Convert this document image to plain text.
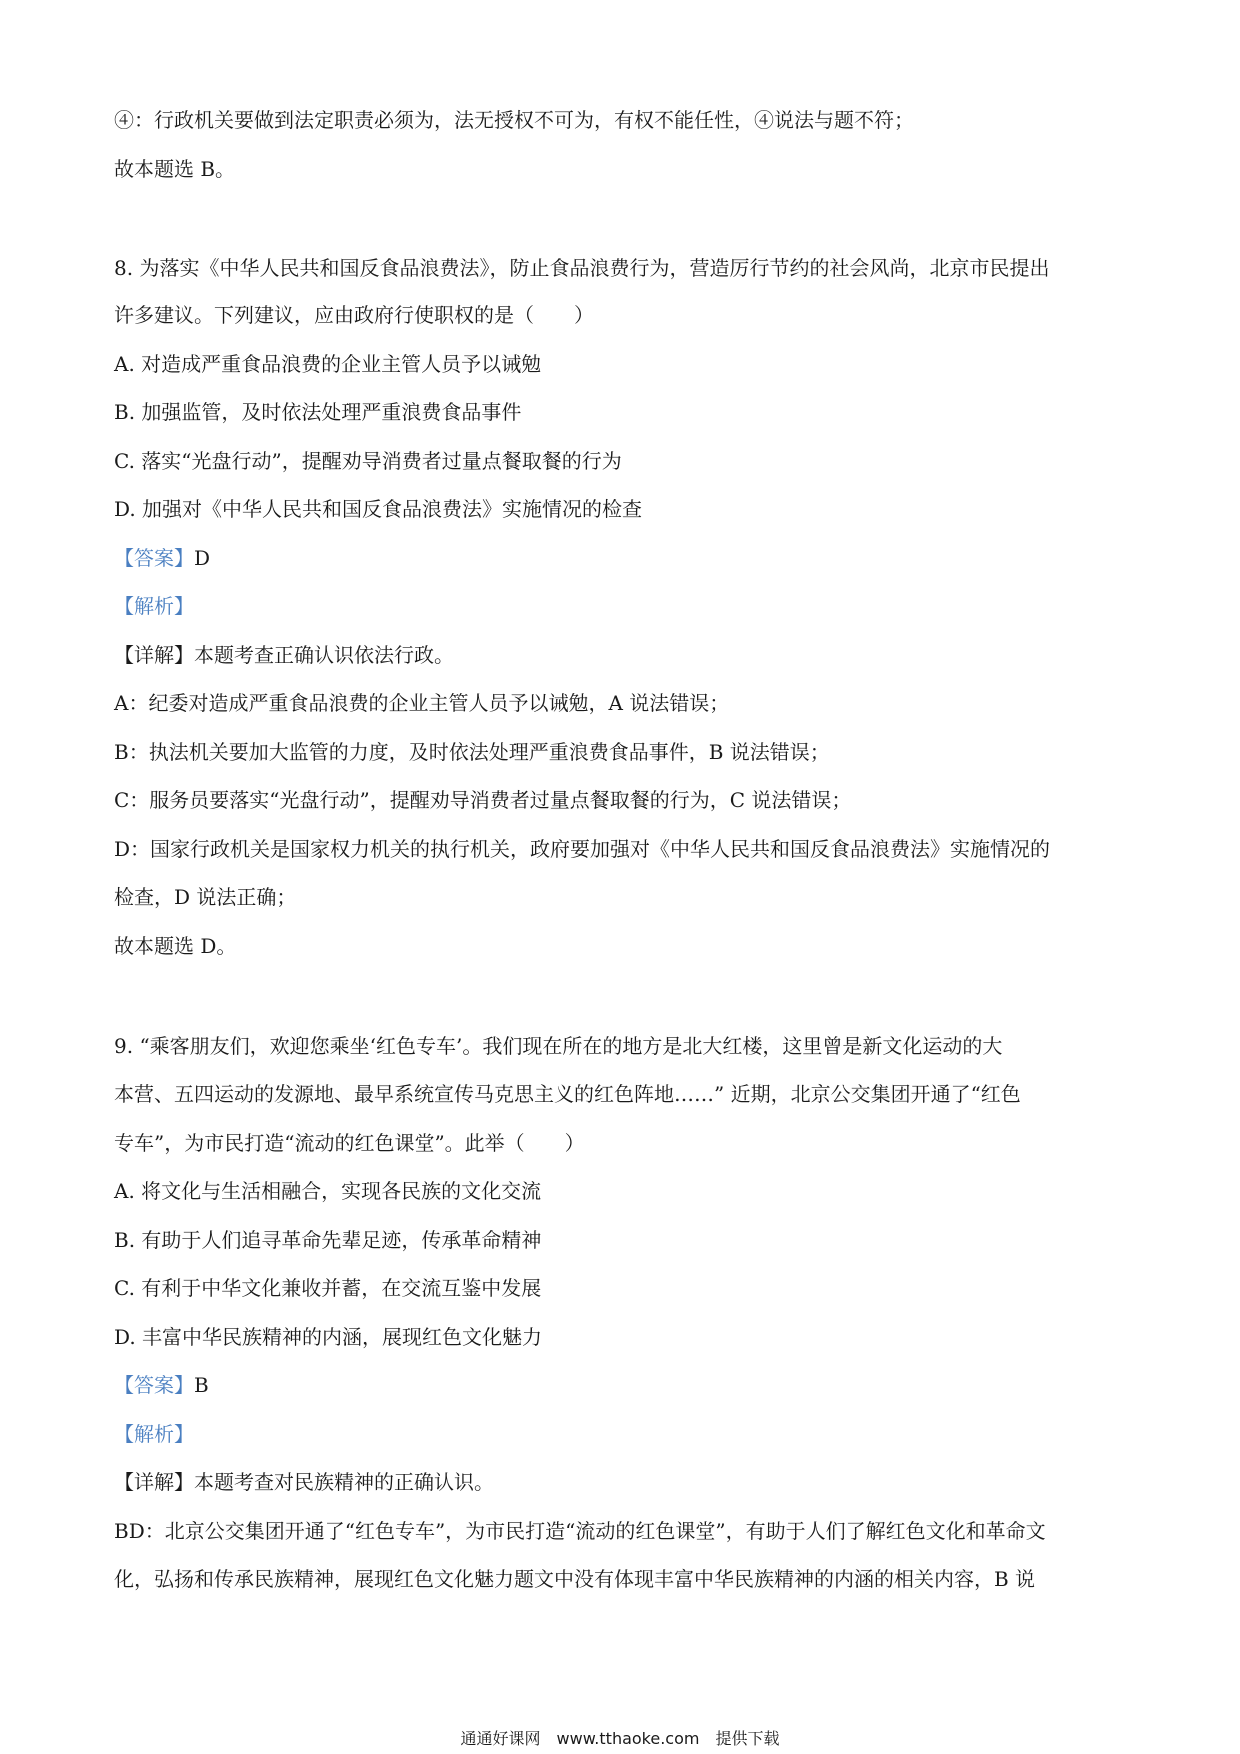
④：行政机关要做到法定职责必须为，法无授权不可为，有权不能任性，④说法与题不符；
故本题选 B。
8. 为落实《中华人民共和国反食品浪费法》，防止食品浪费行为，营造厉行节约的社会风尚，北京市民提出
许多建议。下列建议，应由政府行使职权的是（　　）
A. 对造成严重食品浪费的企业主管人员予以诫勉
B. 加强监管，及时依法处理严重浪费食品事件
C. 落实“光盘行动”，提醒劝导消费者过量点餐取餐的行为
D. 加强对《中华人民共和国反食品浪费法》实施情况的检查
【答案】D
【解析】
【详解】本题考查正确认识依法行政。
A：纪委对造成严重食品浪费的企业主管人员予以诫勉，A 说法错误；
B：执法机关要加大监管的力度，及时依法处理严重浪费食品事件，B 说法错误；
C：服务员要落实“光盘行动”，提醒劝导消费者过量点餐取餐的行为，C 说法错误；
D：国家行政机关是国家权力机关的执行机关，政府要加强对《中华人民共和国反食品浪费法》实施情况的
检查，D 说法正确；
故本题选 D。
9. “乘客朋友们，欢迎您乘坐‘红色专车’。我们现在所在的地方是北大红楼，这里曾是新文化运动的大
本营、五四运动的发源地、最早系统宣传马克思主义的红色阵地……” 近期，北京公交集团开通了“红色
专车”，为市民打造“流动的红色课堂”。此举（　　）
A. 将文化与生活相融合，实现各民族的文化交流
B. 有助于人们追寻革命先辈足迹，传承革命精神
C. 有利于中华文化兼收并蓄，在交流互鉴中发展
D. 丰富中华民族精神的内涵，展现红色文化魅力
【答案】B
【解析】
【详解】本题考查对民族精神的正确认识。
BD：北京公交集团开通了“红色专车”，为市民打造“流动的红色课堂”，有助于人们了解红色文化和革命文
化，弘扬和传承民族精神，展现红色文化魅力题文中没有体现丰富中华民族精神的内涵的相关内容，B 说
通通好课网　www.tthaoke.com　提供下载
